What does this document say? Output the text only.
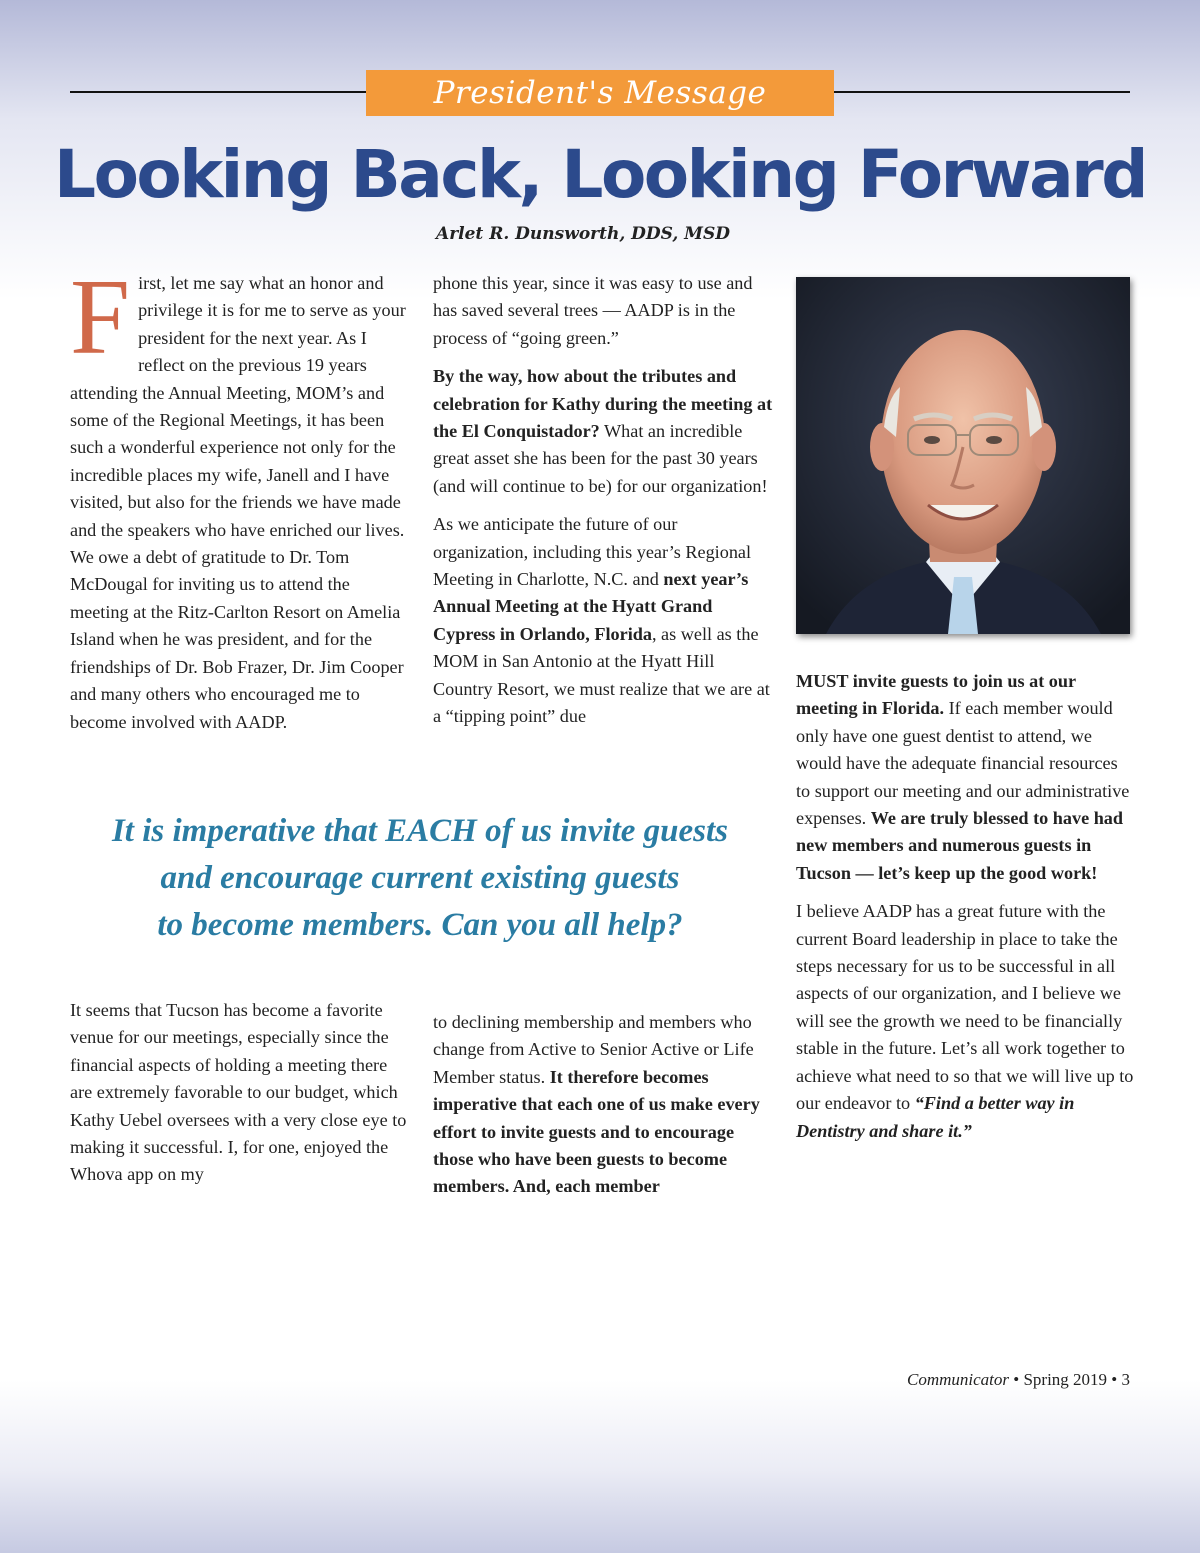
President's Message
Looking Back, Looking Forward
Arlet R. Dunsworth, DDS, MSD

First, let me say what an honor and privilege it is for me to serve as your president for the next year. As I reflect on the previous 19 years attending the Annual Meeting, MOM’s and some of the Regional Meetings, it has been such a wonderful experience not only for the incredible places my wife, Janell and I have visited, but also for the friends we have made and the speakers who have enriched our lives. We owe a debt of gratitude to Dr. Tom McDougal for inviting us to attend the meeting at the Ritz-Carlton Resort on Amelia Island when he was president, and for the friendships of Dr. Bob Frazer, Dr. Jim Cooper and many others who encouraged me to become involved with AADP.

phone this year, since it was easy to use and has saved several trees — AADP is in the process of “going green.”

By the way, how about the tributes and celebration for Kathy during the meeting at the El Conquistador? What an incredible great asset she has been for the past 30 years (and will continue to be) for our organization!

As we anticipate the future of our organization, including this year’s Regional Meeting in Charlotte, N.C. and next year’s Annual Meeting at the Hyatt Grand Cypress in Orlando, Florida, as well as the MOM in San Antonio at the Hyatt Hill Country Resort, we must realize that we are at a “tipping point” due

It is imperative that EACH of us invite guests
and encourage current existing guests
to become members. Can you all help?

It seems that Tucson has become a favorite venue for our meetings, especially since the financial aspects of holding a meeting there are extremely favorable to our budget, which Kathy Uebel oversees with a very close eye to making it successful. I, for one, enjoyed the Whova app on my

to declining membership and members who change from Active to Senior Active or Life Member status. It therefore becomes imperative that each one of us make every effort to invite guests and to encourage those who have been guests to become members. And, each member

MUST invite guests to join us at our meeting in Florida. If each member would only have one guest dentist to attend, we would have the adequate financial resources to support our meeting and our administrative expenses. We are truly blessed to have had new members and numerous guests in Tucson — let’s keep up the good work!

I believe AADP has a great future with the current Board leadership in place to take the steps necessary for us to be successful in all aspects of our organization, and I believe we will see the growth we need to be financially stable in the future. Let’s all work together to achieve what need to so that we will live up to our endeavor to “Find a better way in Dentistry and share it.”

Communicator • Spring 2019 • 3
